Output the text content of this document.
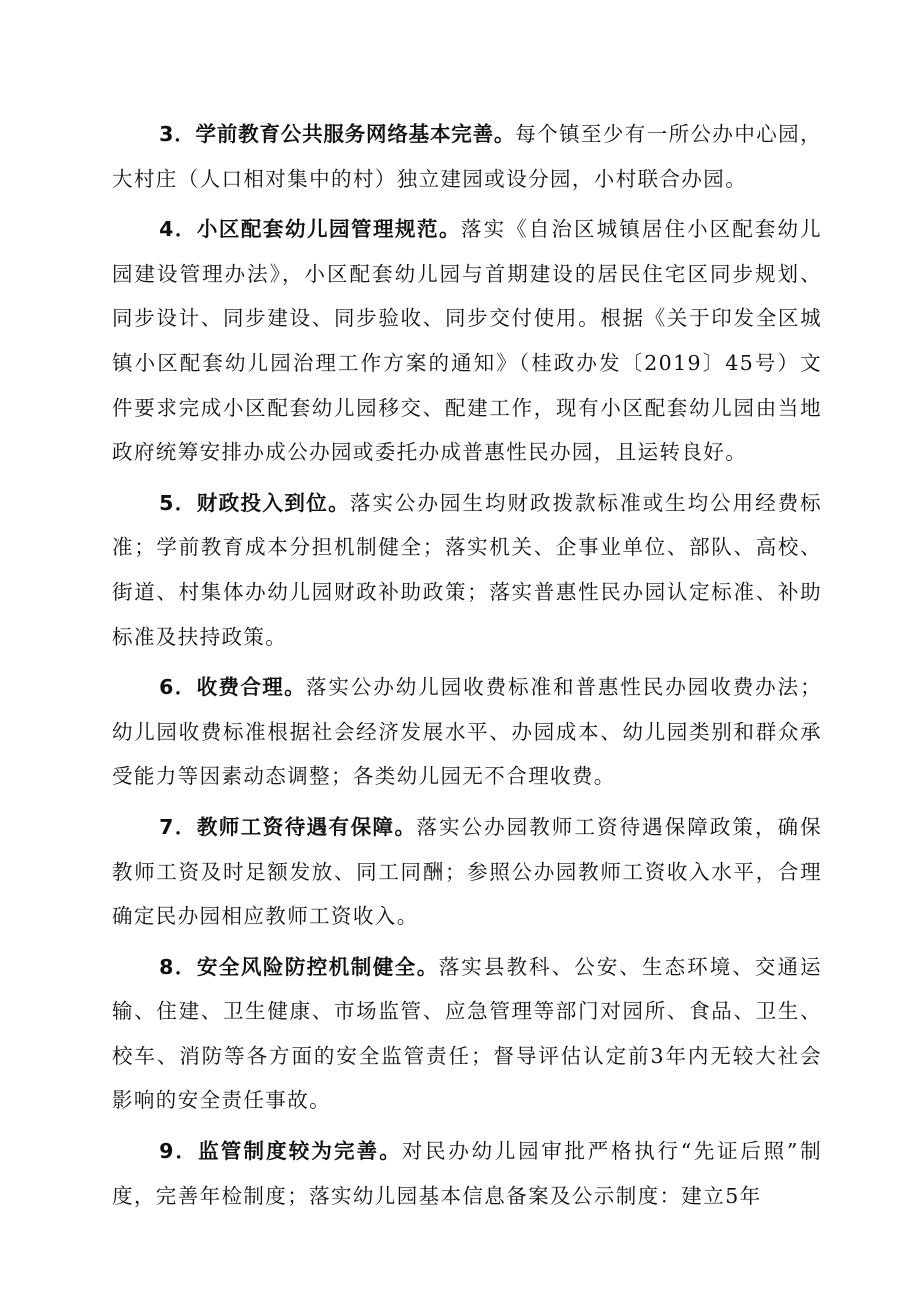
3．学前教育公共服务网络基本完善。每个镇至少有一所公办中心园，大村庄（人口相对集中的村）独立建园或设分园，小村联合办园。

4．小区配套幼儿园管理规范。落实《自治区城镇居住小区配套幼儿园建设管理办法》，小区配套幼儿园与首期建设的居民住宅区同步规划、同步设计、同步建设、同步验收、同步交付使用。根据《关于印发全区城镇小区配套幼儿园治理工作方案的通知》（桂政办发〔2019〕45号）文件要求完成小区配套幼儿园移交、配建工作，现有小区配套幼儿园由当地政府统筹安排办成公办园或委托办成普惠性民办园，且运转良好。

5．财政投入到位。落实公办园生均财政拨款标准或生均公用经费标准；学前教育成本分担机制健全；落实机关、企事业单位、部队、高校、街道、村集体办幼儿园财政补助政策；落实普惠性民办园认定标准、补助标准及扶持政策。

6．收费合理。落实公办幼儿园收费标准和普惠性民办园收费办法；幼儿园收费标准根据社会经济发展水平、办园成本、幼儿园类别和群众承受能力等因素动态调整；各类幼儿园无不合理收费。

7．教师工资待遇有保障。落实公办园教师工资待遇保障政策，确保教师工资及时足额发放、同工同酬；参照公办园教师工资收入水平，合理确定民办园相应教师工资收入。

8．安全风险防控机制健全。落实县教科、公安、生态环境、交通运输、住建、卫生健康、市场监管、应急管理等部门对园所、食品、卫生、校车、消防等各方面的安全监管责任；督导评估认定前3年内无较大社会影响的安全责任事故。

9．监管制度较为完善。对民办幼儿园审批严格执行“先证后照”制度，完善年检制度；落实幼儿园基本信息备案及公示制度：建立5年
